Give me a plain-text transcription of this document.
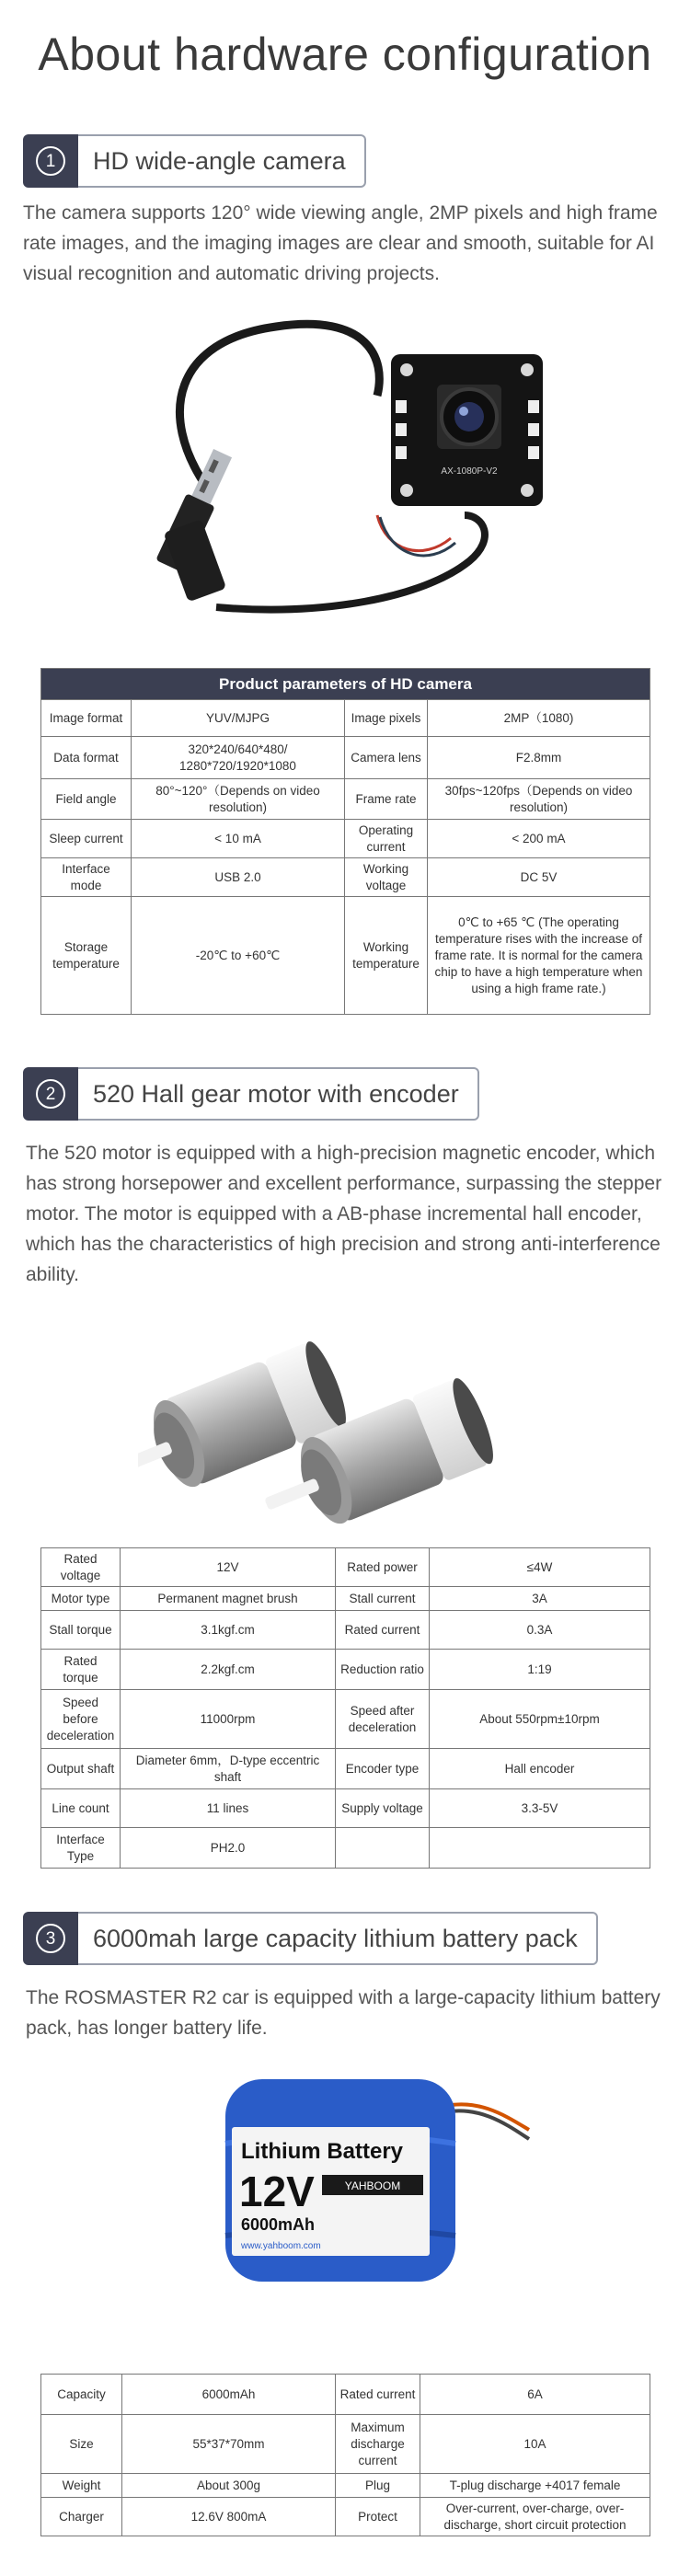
About hardware configuration
1	HD wide-angle camera
The camera supports 120° wide viewing angle, 2MP pixels and high frame rate images, and the imaging images are clear and smooth, suitable for AI visual recognition and automatic driving projects.
AX-1080P-V2
Product parameters of HD camera			
Image format	YUV/MJPG	Image pixels	2MP（1080)
Data format	320*240/640*480/ 1280*720/1920*1080	Camera lens	F2.8mm
Field angle	80°~120°（Depends on video resolution)	Frame rate	30fps~120fps（Depends on video resolution)
Sleep current	< 10 mA	Operating current	< 200 mA
Interface mode	USB 2.0	Working voltage	DC 5V
Storage temperature	-20℃ to +60℃	Working temperature	0℃ to +65 ℃ (The operating temperature rises with the increase of frame rate. It is normal for the camera chip to have a high temperature when using a high frame rate.)
2	520 Hall gear motor with encoder
The 520 motor is equipped with a high-precision magnetic encoder, which has strong horsepower and excellent performance, surpassing the stepper motor. The motor is equipped with a AB-phase incremental hall encoder, which has the characteristics of high precision and strong anti-interference ability.
Rated voltage	12V	Rated power	≤4W
Motor type	Permanent magnet brush	Stall current	3A
Stall torque	3.1kgf.cm	Rated current	0.3A
Rated torque	2.2kgf.cm	Reduction ratio	1:19
Speed before deceleration	11000rpm	Speed after deceleration	About 550rpm±10rpm
Output shaft	Diameter 6mm，D-type eccentric shaft	Encoder type	Hall encoder
Line count	11 lines	Supply voltage	3.3-5V
Interface Type	PH2.0		
3	6000mah large capacity lithium battery pack
The ROSMASTER R2 car is equipped with a large-capacity lithium battery pack, has longer battery life.
Lithium Battery
12V	YAHBOOM
6000mAh
www.yahboom.com
Capacity	6000mAh	Rated current	6A
Size	55*37*70mm	Maximum discharge current	10A
Weight	About 300g	Plug	T-plug discharge +4017 female
Charger	12.6V 800mA	Protect	Over-current, over-charge, over-discharge, short circuit protection
